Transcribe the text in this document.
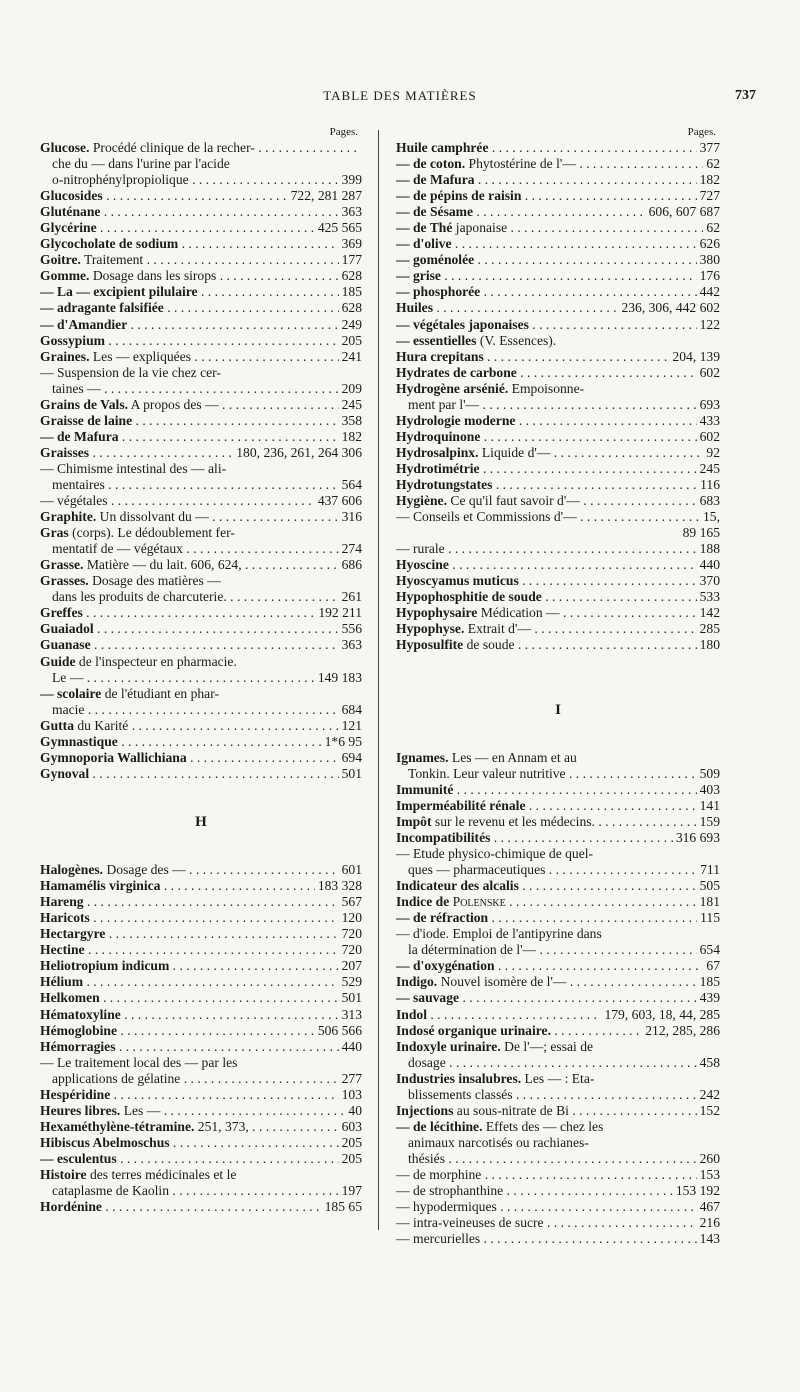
TABLE DES MATIÈRES	737
Pages.
Glucose. Procédé clinique de la recher- . . .
che du — dans l'urine par l'acide
o-nitrophénylpropiolique . . .	399
Glucosides . . .	722, 281 287
Gluténane . . .	363
Glycérine . . .	425 565
Glycocholate de sodium . . .	369
Goitre. Traitement . . .	177
Gomme. Dosage dans les sirops . . .	628
— La — excipient pilulaire . . .	185
— adragante falsifiée . . .	628
— d'Amandier . . .	249
Gossypium . . .	205
Graines. Les — expliquées . . .	241
— Suspension de la vie chez cer-
taines — . . .	209
Grains de Vals. A propos des — . . .	245
Graisse de laine . . .	358
— de Mafura . . .	182
Graisses . . .	180, 236, 261, 264 306
— Chimisme intestinal des — ali-
mentaires . . .	564
— végétales . . .	437 606
Graphite. Un dissolvant du — . . .	316
Gras (corps). Le dédoublement fer-
mentatif de — végétaux . . .	274
Grasse. Matière — du lait. 606, 624, . . .	686
Grasses. Dosage des matières —
dans les produits de charcuterie. . . .	261
Greffes . . .	192 211
Guaiadol . . .	556
Guanase . . .	363
Guide de l'inspecteur en pharmacie.
Le — . . .	149 183
— scolaire de l'étudiant en phar-
macie . . .	684
Gutta du Karité . . .	121
Gymnastique . . .	1*6 95
Gymnoporia Wallichiana . . .	694
Gynoval . . .	501
H
Halogènes. Dosage des — . . .	601
Hamamélis virginica . . .	183 328
Hareng . . .	567
Haricots . . .	120
Hectargyre . . .	720
Hectine . . .	720
Heliotropium indicum . . .	207
Hélium . . .	529
Helkomen . . .	501
Hématoxyline . . .	313
Hémoglobine . . .	506 566
Hémorragies . . .	440
— Le traitement local des — par les
applications de gélatine . . .	277
Hespéridine . . .	103
Heures libres. Les — . . .	40
Hexaméthylène-tétramine. 251, 373, . . .	603
Hibiscus Abelmoschus . . .	205
— esculentus . . .	205
Histoire des terres médicinales et le
cataplasme de Kaolin . . .	197
Hordénine . . .	185 65
Pages.
Huile camphrée . . .	377
— de coton. Phytostérine de l'— . . .	62
— de Mafura . . .	182
— de pépins de raisin . . .	727
— de Sésame . . .	606, 607 687
— de Thé japonaise . . .	62
— d'olive . . .	626
— goménolée . . .	380
— grise . . .	176
— phosphorée . . .	442
Huiles . . .	236, 306, 442 602
— végétales japonaises . . .	122
— essentielles (V. Essences).
Hura crepitans . . .	204, 139
Hydrates de carbone . . .	602
Hydrogène arsénié. Empoisonne-
ment par l'— . . .	693
Hydrologie moderne . . .	433
Hydroquinone . . .	602
Hydrosalpinx. Liquide d'— . . .	92
Hydrotimétrie . . .	245
Hydrotungstates . . .	116
Hygiène. Ce qu'il faut savoir d'— . . .	683
— Conseils et Commissions d'— . . .	15,
89 165
— rurale . . .	188
Hyoscine . . .	440
Hyoscyamus muticus . . .	370
Hypophosphitie de soude . . .	533
Hypophysaire Médication — . . .	142
Hypophyse. Extrait d'— . . .	285
Hyposulfite de soude . . .	180
I
Ignames. Les — en Annam et au
Tonkin. Leur valeur nutritive . . .	509
Immunité . . .	403
Imperméabilité rénale . . .	141
Impôt sur le revenu et les médecins. . . .	159
Incompatibilités . . .	316 693
— Etude physico-chimique de quel-
ques — pharmaceutiques . . .	711
Indicateur des alcalis . . .	505
Indice de Polenske . . .	181
— de réfraction . . .	115
— d'iode. Emploi de l'antipyrine dans
la détermination de l'— . . .	654
— d'oxygénation . . .	67
Indigo. Nouvel isomère de l'— . . .	185
— sauvage . . .	439
Indol . . .	179, 603, 18, 44, 285
Indosé organique urinaire. . . .	212, 285, 286
Indoxyle urinaire. De l'—; essai de
dosage . . .	458
Industries insalubres. Les — : Eta-
blissements classés . . .	242
Injections au sous-nitrate de Bi . . .	152
— de lécithine. Effets des — chez les
animaux narcotisés ou rachianes-
thésiés . . .	260
— de morphine . . .	153
— de strophanthine . . .	153 192
— hypodermiques . . .	467
— intra-veineuses de sucre . . .	216
— mercurielles . . .	143
